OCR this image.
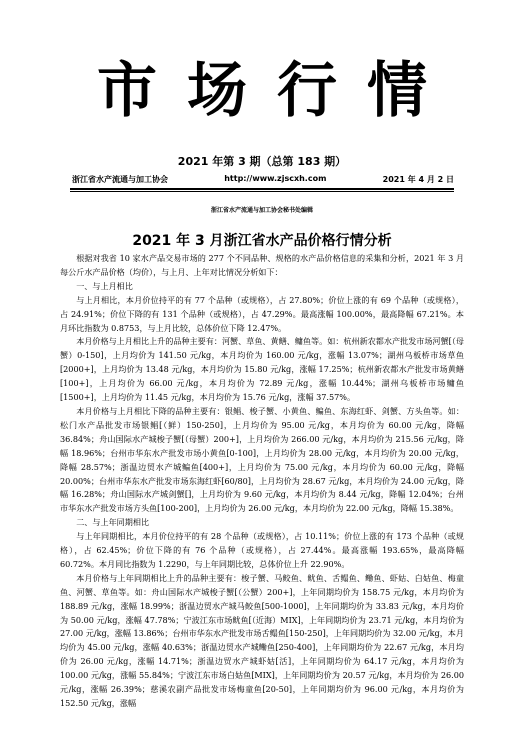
市场行情
2021 年第 3 期（总第 183 期）
浙江省水产流通与加工协会	http://www.zjscxh.com	2021 年 4 月 2 日
浙江省水产流通与加工协会秘书处编辑
2021 年 3 月浙江省水产品价格行情分析

根据对我省 10 家水产品交易市场的 277 个不同品种、规格的水产品价格信息的采集和分析，2021 年 3 月每公斤水产品价格（均价），与上月、上年对比情况分析如下：

一、与上月相比

与上月相比，本月价位持平的有 77 个品种（或规格），占 27.80%；价位上涨的有 69 个品种（或规格），占 24.91%；价位下降的有 131 个品种（或规格），占 47.29%。最高涨幅 100.00%，最高降幅 67.21%。本月环比指数为 0.8753，与上月比较，总体价位下降 12.47%。

本月价格与上月相比上升的品种主要有：河蟹、草鱼、黄鳝、鳙鱼等。如：杭州新农都水产批发市场河蟹[（母蟹）0-150]，上月均价为 141.50 元/kg，本月均价为 160.00 元/kg，涨幅 13.07%；湖州乌板桥市场草鱼[2000+]，上月均价为 13.48 元/kg，本月均价为 15.80 元/kg，涨幅 17.25%；杭州新农都水产批发市场黄鳝[100+]，上月均价为 66.00 元/kg，本月均价为 72.89 元/kg，涨幅 10.44%；湖州乌板桥市场鳙鱼[1500+]，上月均价为 11.45 元/kg，本月均价为 15.76 元/kg，涨幅 37.57%。

本月价格与上月相比下降的品种主要有：银鲳、梭子蟹、小黄鱼、鳊鱼、东海红虾、剑蟹、方头鱼等。如：松门水产品批发市场银鲳[（鲜）150-250]，上月均价为 95.00 元/kg，本月均价为 60.00 元/kg，降幅 36.84%；舟山国际水产城梭子蟹[（母蟹）200+]，上月均价为 266.00 元/kg，本月均价为 215.56 元/kg，降幅 18.96%；台州市华东水产批发市场小黄鱼[0-100]，上月均价为 28.00 元/kg，本月均价为 20.00 元/kg，降幅 28.57%；浙温边贸水产城鳊鱼[400+]，上月均价为 75.00 元/kg，本月均价为 60.00 元/kg，降幅 20.00%；台州市华东水产批发市场东海红虾[60/80]，上月均价为 28.67 元/kg，本月均价为 24.00 元/kg，降幅 16.28%；舟山国际水产城剑蟹[]，上月均价为 9.60 元/kg，本月均价为 8.44 元/kg，降幅 12.04%；台州市华东水产批发市场方头鱼[100-200]，上月均价为 26.00 元/kg，本月均价为 22.00 元/kg，降幅 15.38%。

二、与上年同期相比

与上年同期相比，本月价位持平的有 28 个品种（或规格），占 10.11%；价位上涨的有 173 个品种（或规格），占 62.45%；价位下降的有 76 个品种（或规格），占 27.44%。最高涨幅 193.65%，最高降幅 60.72%。本月同比指数为 1.2290，与上年同期比较，总体价位上升 22.90%。

本月价格与上年同期相比上升的品种主要有：梭子蟹、马鲛鱼、鱿鱼、舌鳎鱼、鳓鱼、虾姑、白姑鱼、梅童鱼、河蟹、草鱼等。如：舟山国际水产城梭子蟹[（公蟹）200+]，上年同期均价为 158.75 元/kg，本月均价为 188.89 元/kg，涨幅 18.99%；浙温边贸水产城马鲛鱼[500-1000]，上年同期均价为 33.83 元/kg，本月均价为 50.00 元/kg，涨幅 47.78%；宁波江东市场鱿鱼[（近海）MIX]，上年同期均价为 23.71 元/kg，本月均价为 27.00 元/kg，涨幅 13.86%；台州市华东水产批发市场舌鳎鱼[150-250]，上年同期均价为 32.00 元/kg，本月均价为 45.00 元/kg，涨幅 40.63%；浙温边贸水产城鳓鱼[250-400]，上年同期均价为 22.67 元/kg，本月均价为 26.00 元/kg，涨幅 14.71%；浙温边贸水产城虾姑[活]，上年同期均价为 64.17 元/kg，本月均价为 100.00 元/kg，涨幅 55.84%；宁波江东市场白姑鱼[MIX]，上年同期均价为 20.57 元/kg，本月均价为 26.00 元/kg，涨幅 26.39%；慈溪农副产品批发市场梅童鱼[20-50]，上年同期均价为 96.00 元/kg，本月均价为 152.50 元/kg，涨幅
